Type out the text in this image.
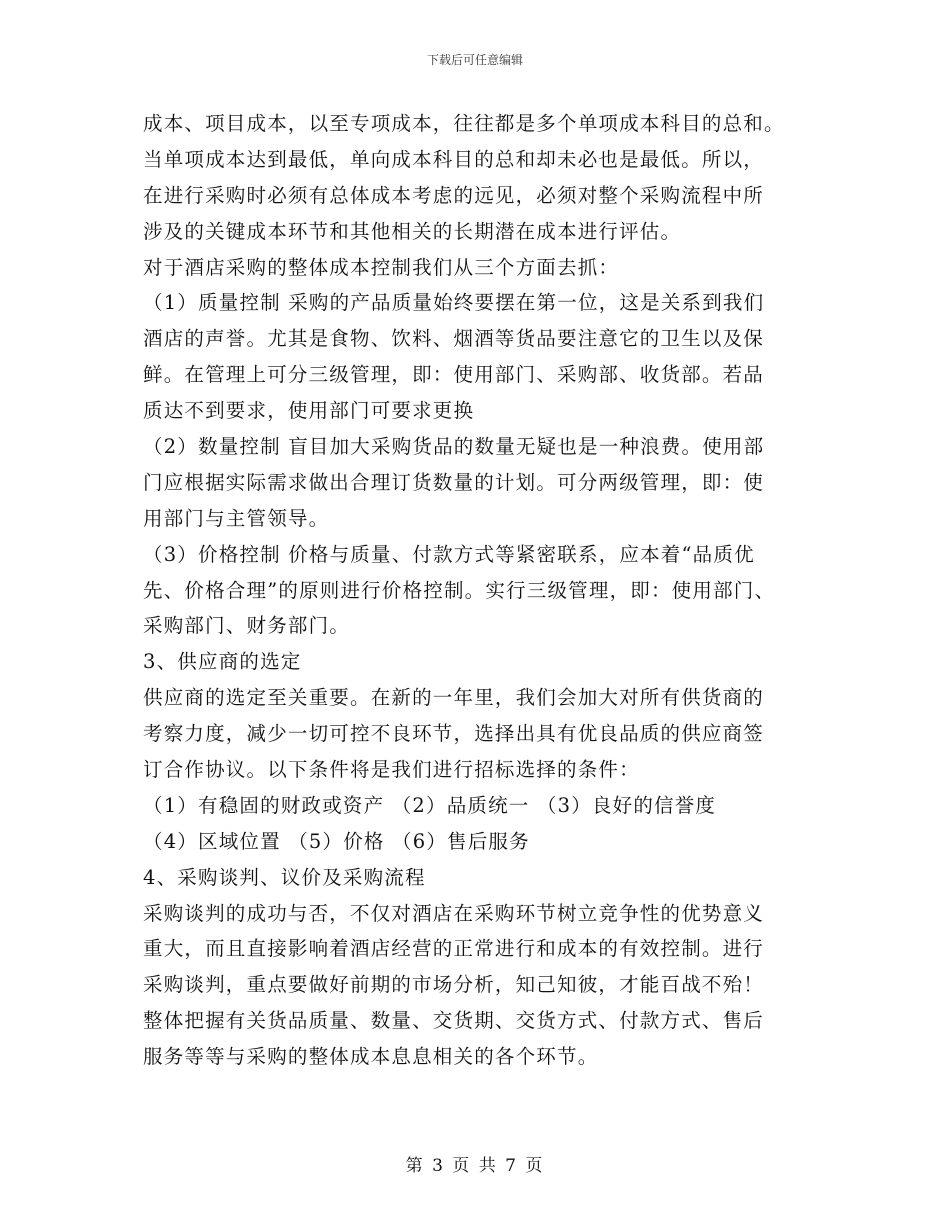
下载后可任意编辑
成本、项目成本，以至专项成本，往往都是多个单项成本科目的总和。
当单项成本达到最低，单向成本科目的总和却未必也是最低。所以，
在进行采购时必须有总体成本考虑的远见，必须对整个采购流程中所
涉及的关键成本环节和其他相关的长期潜在成本进行评估。
对于酒店采购的整体成本控制我们从三个方面去抓：
（1）质量控制 采购的产品质量始终要摆在第一位，这是关系到我们
酒店的声誉。尤其是食物、饮料、烟酒等货品要注意它的卫生以及保
鲜。在管理上可分三级管理，即：使用部门、采购部、收货部。若品
质达不到要求，使用部门可要求更换
（2）数量控制 盲目加大采购货品的数量无疑也是一种浪费。使用部
门应根据实际需求做出合理订货数量的计划。可分两级管理，即：使
用部门与主管领导。
（3）价格控制 价格与质量、付款方式等紧密联系，应本着“品质优
先、价格合理”的原则进行价格控制。实行三级管理，即：使用部门、
采购部门、财务部门。
3、供应商的选定
供应商的选定至关重要。在新的一年里，我们会加大对所有供货商的
考察力度，减少一切可控不良环节，选择出具有优良品质的供应商签
订合作协议。以下条件将是我们进行招标选择的条件：
（1）有稳固的财政或资产 （2）品质统一 （3）良好的信誉度
（4）区域位置 （5）价格 （6）售后服务
4、采购谈判、议价及采购流程
采购谈判的成功与否，不仅对酒店在采购环节树立竞争性的优势意义
重大，而且直接影响着酒店经营的正常进行和成本的有效控制。进行
采购谈判，重点要做好前期的市场分析，知己知彼，才能百战不殆！
整体把握有关货品质量、数量、交货期、交货方式、付款方式、售后
服务等等与采购的整体成本息息相关的各个环节。
第 3 页 共 7 页
